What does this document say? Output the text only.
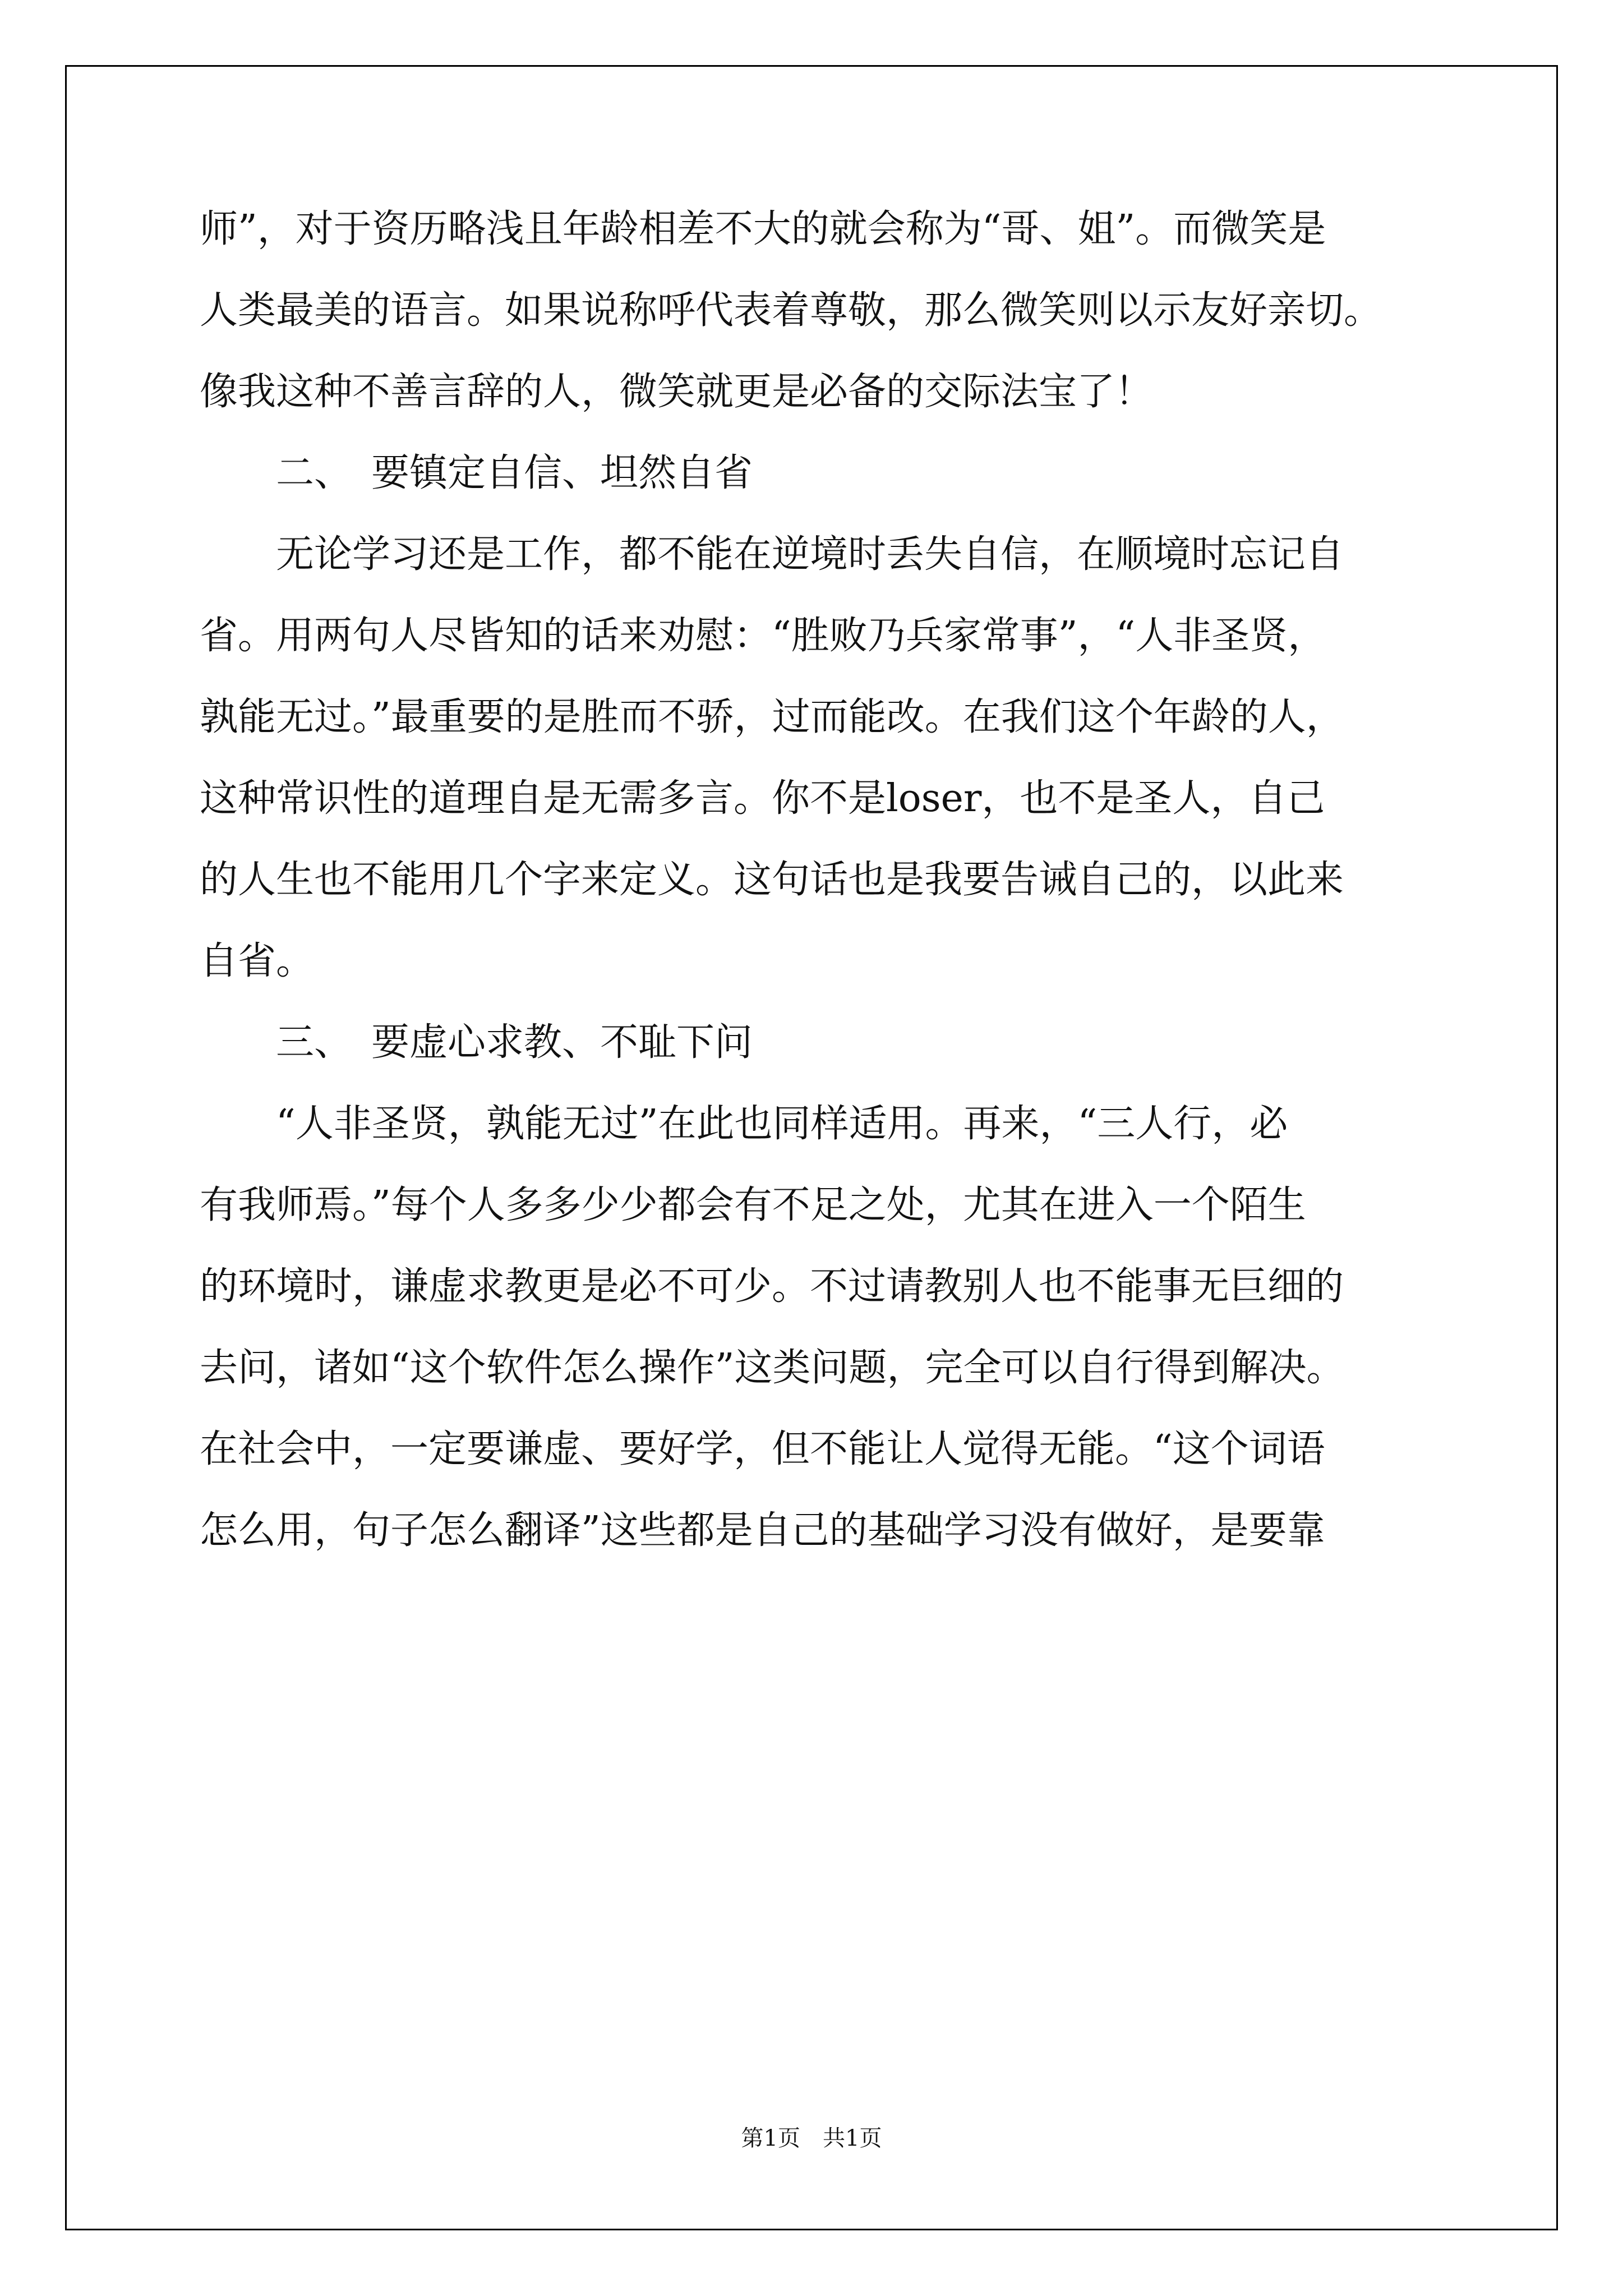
师”，对于资历略浅且年龄相差不大的就会称为“哥、姐”。而微笑是
人类最美的语言。如果说称呼代表着尊敬，那么微笑则以示友好亲切。
像我这种不善言辞的人，微笑就更是必备的交际法宝了！
　　二、　要镇定自信、坦然自省
　　无论学习还是工作，都不能在逆境时丢失自信，在顺境时忘记自
省。用两句人尽皆知的话来劝慰：“胜败乃兵家常事”，“人非圣贤，
孰能无过。”最重要的是胜而不骄，过而能改。在我们这个年龄的人，
这种常识性的道理自是无需多言。你不是loser，也不是圣人，自己
的人生也不能用几个字来定义。这句话也是我要告诫自己的，以此来
自省。
　　三、　要虚心求教、不耻下问
　　“人非圣贤，孰能无过”在此也同样适用。再来，“三人行，必
有我师焉。”每个人多多少少都会有不足之处，尤其在进入一个陌生
的环境时，谦虚求教更是必不可少。不过请教别人也不能事无巨细的
去问，诸如“这个软件怎么操作”这类问题，完全可以自行得到解决。
在社会中，一定要谦虚、要好学，但不能让人觉得无能。“这个词语
怎么用，句子怎么翻译”这些都是自己的基础学习没有做好，是要靠
第1页　共1页
